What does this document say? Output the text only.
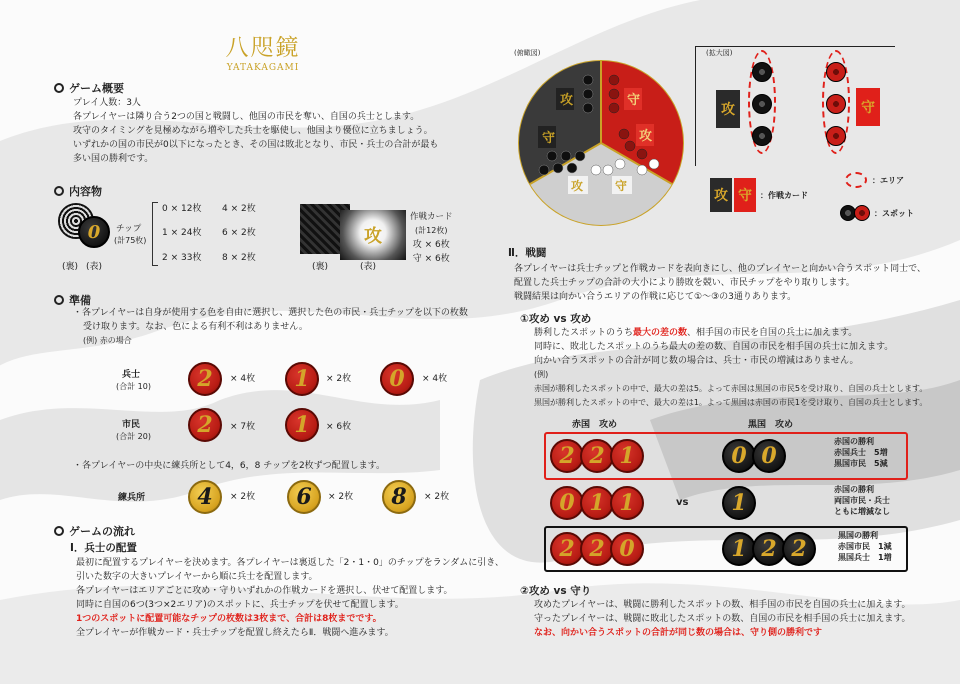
八咫鏡
YATAKAGAMI
ゲーム概要
プレイ人数：3人
各プレイヤーは隣り合う2つの国と戦闘し、他国の市民を奪い、自国の兵士とします。
攻守のタイミングを見極めながら増やした兵士を駆使し、他国より優位に立ちましょう。
いずれかの国の市民が0以下になったとき、その国は敗北となり、市民・兵士の合計が最も
多い国の勝利です。
内容物
0	チップ
(計75枚)
(裏) (表)
0 × 12枚 4 × 2枚
1 × 24枚 6 × 2枚
2 × 33枚 8 × 2枚
攻
(裏)	(表)
作戦カード
(計12枚)
攻 × 6枚
守 × 6枚
準備
・各プレイヤーは自身が使用する色を自由に選択し、選択した色の市民・兵士チップを以下の枚数
受け取ります。なお、色による有利不利はありません。
(例) 赤の場合
兵士
(合計 10)	2	× 4枚	1	× 2枚	0	× 4枚
市民
(合計 20)	2	× 7枚	1	× 6枚
・各プレイヤーの中央に練兵所として4，6，8 チップを2枚ずつ配置します。
練兵所	4	× 2枚	6	× 2枚	8	× 2枚
ゲームの流れ
Ⅰ．兵士の配置
最初に配置するプレイヤーを決めます。各プレイヤーは裏返した「2・1・0」のチップをランダムに引き、
引いた数字の大きいプレイヤーから順に兵士を配置します。
各プレイヤーはエリアごとに攻め・守りいずれかの作戦カードを選択し、伏せて配置します。
同時に自国の6つ(3つ×2エリア)のスポットに、兵士チップを伏せて配置します。
1つのスポットに配置可能なチップの枚数は3枚まで、合計は8枚までです。
全プレイヤーが作戦カード・兵士チップを配置し終えたらⅡ．戦闘へ進みます。
(俯瞰図)
攻
守
守
攻
攻	守
(拡大図)
攻	守
攻 守	：作戦カード
：エリア
：スポット
Ⅱ．戦闘
各プレイヤーは兵士チップと作戦カードを表向きにし、他のプレイヤーと向かい合うスポット同士で、
配置した兵士チップの合計の大小により勝敗を競い、市民チップをやり取りします。
戦闘結果は向かい合うエリアの作戦に応じて①～③の3通りあります。
①攻め vs 攻め
勝利したスポットのうち最大の差の数、相手国の市民を自国の兵士に加えます。
同時に、敗北したスポットのうち最大の差の数、自国の市民を相手国の兵士に加えます。
向かい合うスポットの合計が同じ数の場合は、兵士・市民の増減はありません。
(例)
赤国が勝利したスポットの中で、最大の差は5。よって赤国は黒国の市民5を受け取り、自国の兵士とします。
黒国が勝利したスポットの中で、最大の差は1。よって黒国は赤国の市民1を受け取り、自国の兵士とします。
赤国　攻め	黒国　攻め
2 2 1	0 0
赤国の勝利
赤国兵士　5増
黒国市民　5減
0 1 1	vs	1
赤国の勝利
両国市民・兵士
ともに増減なし
2 2 0	1 2 2
黒国の勝利
赤国市民　1減
黒国兵士　1増
②攻め vs 守り
攻めたプレイヤーは、戦闘に勝利したスポットの数、相手国の市民を自国の兵士に加えます。
守ったプレイヤーは、戦闘に敗北したスポットの数、自国の市民を相手国の兵士に加えます。
なお、向かい合うスポットの合計が同じ数の場合は、守り側の勝利です
